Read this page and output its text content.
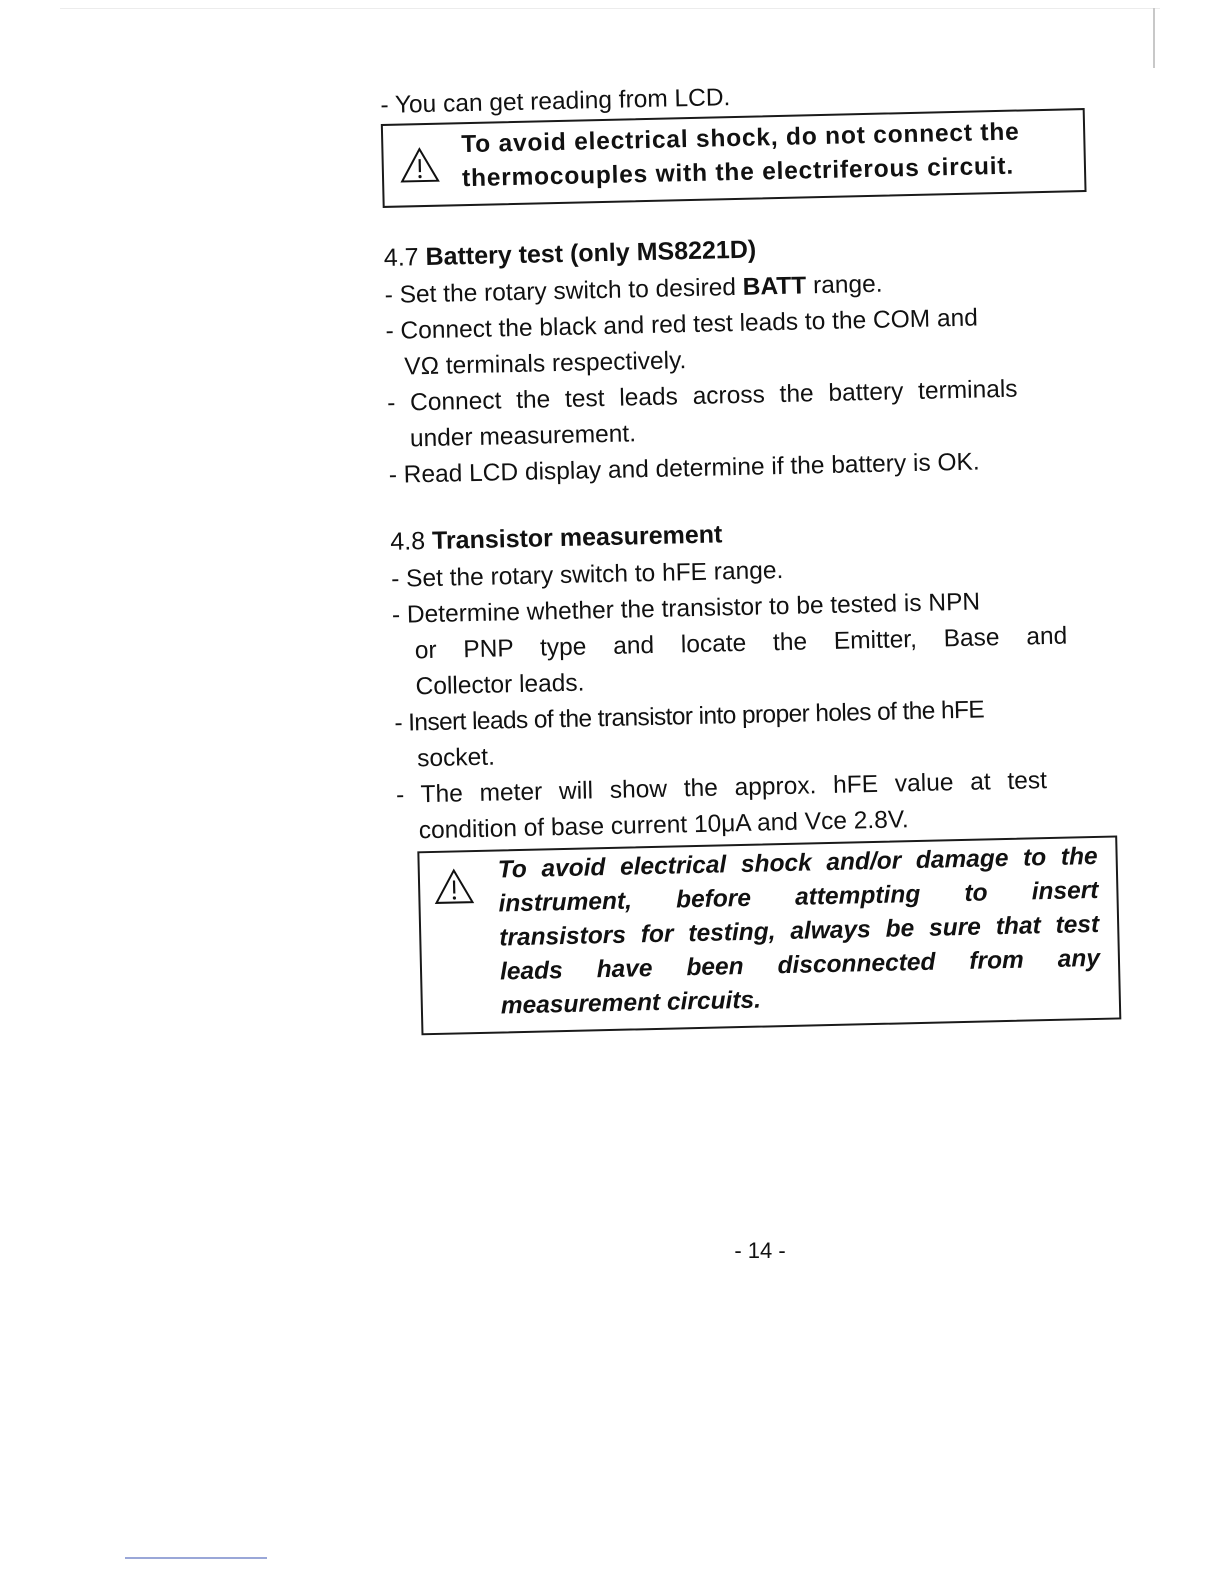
- You can get reading from LCD.

To avoid electrical shock, do not connect the
thermocouples with the electriferous circuit.
4.7 Battery test (only MS8221D)

- Set the rotary switch to desired BATT range.

- Connect the black and red test leads to the COM and

VΩ terminals respectively.

- Connect the test leads across the battery terminals

under measurement.

- Read LCD display and determine if the battery is OK.

4.8 Transistor measurement

- Set the rotary switch to hFE range.

- Determine whether the transistor to be tested is NPN

or PNP type and locate the Emitter, Base and

Collector leads.

- Insert leads of the transistor into proper holes of the hFE

socket.

- The meter will show the approx. hFE value at test

condition of base current 10μA and Vce 2.8V.

To avoid electrical shock and/or damage to the
instrument, before attempting to insert
transistors for testing, always be sure that test
leads have been disconnected from any
measurement circuits.
- 14 -
